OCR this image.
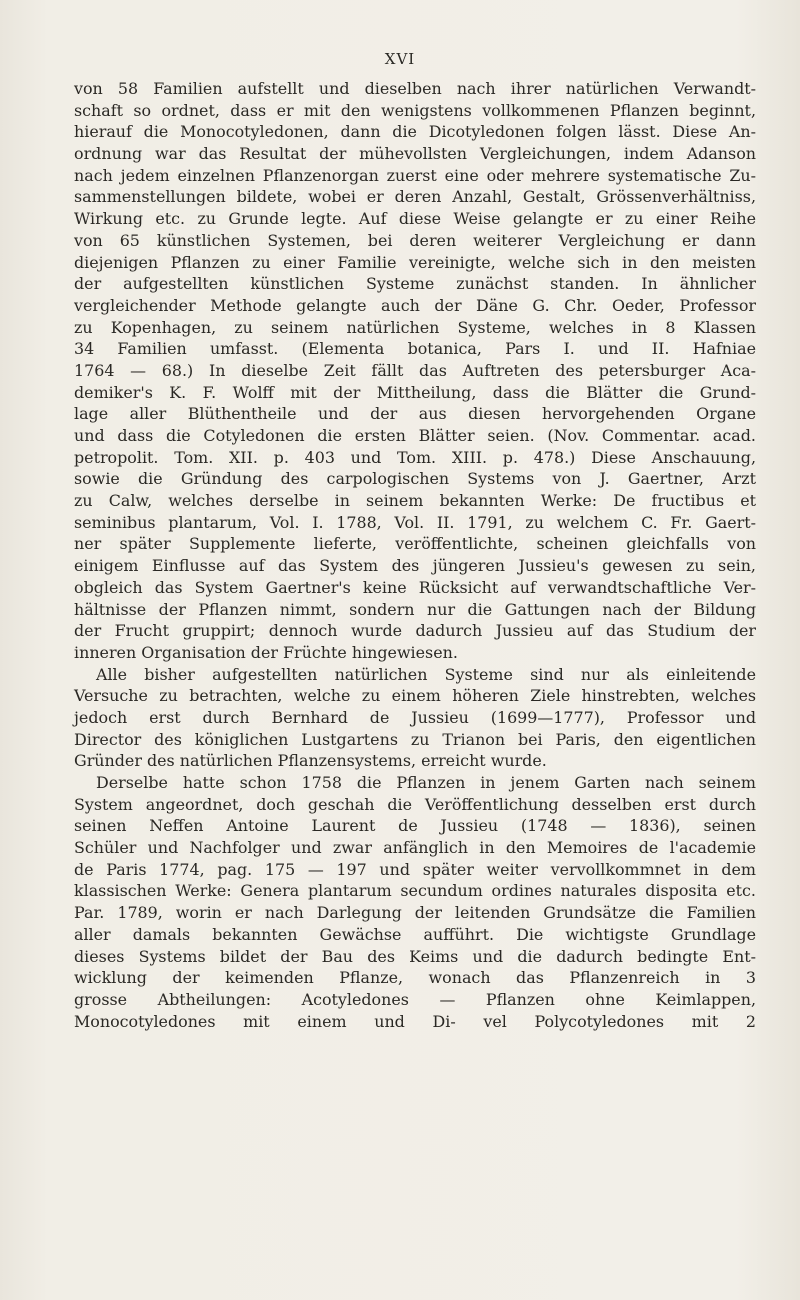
XVI
von 58 Familien aufstellt und dieselben nach ihrer natürlichen Verwandt-
schaft so ordnet, dass er mit den wenigstens vollkommenen Pflanzen beginnt,
hierauf die Monocotyledonen, dann die Dicotyledonen folgen lässt. Diese An-
ordnung war das Resultat der mühevollsten Vergleichungen, indem Adanson
nach jedem einzelnen Pflanzenorgan zuerst eine oder mehrere systematische Zu-
sammenstellungen bildete, wobei er deren Anzahl, Gestalt, Grössenverhältniss,
Wirkung etc. zu Grunde legte. Auf diese Weise gelangte er zu einer Reihe
von 65 künstlichen Systemen, bei deren weiterer Vergleichung er dann
diejenigen Pflanzen zu einer Familie vereinigte, welche sich in den meisten
der aufgestellten künstlichen Systeme zunächst standen. In ähnlicher
vergleichender Methode gelangte auch der Däne G. Chr. Oeder, Professor
zu Kopenhagen, zu seinem natürlichen Systeme, welches in 8 Klassen
34 Familien umfasst. (Elementa botanica, Pars I. und II. Hafniae
1764 — 68.) In dieselbe Zeit fällt das Auftreten des petersburger Aca-
demiker's K. F. Wolff mit der Mittheilung, dass die Blätter die Grund-
lage aller Blüthentheile und der aus diesen hervorgehenden Organe
und dass die Cotyledonen die ersten Blätter seien. (Nov. Commentar. acad.
petropolit. Tom. XII. p. 403 und Tom. XIII. p. 478.) Diese Anschauung,
sowie die Gründung des carpologischen Systems von J. Gaertner, Arzt
zu Calw, welches derselbe in seinem bekannten Werke: De fructibus et
seminibus plantarum, Vol. I. 1788, Vol. II. 1791, zu welchem C. Fr. Gaert-
ner später Supplemente lieferte, veröffentlichte, scheinen gleichfalls von
einigem Einflusse auf das System des jüngeren Jussieu's gewesen zu sein,
obgleich das System Gaertner's keine Rücksicht auf verwandtschaftliche Ver-
hältnisse der Pflanzen nimmt, sondern nur die Gattungen nach der Bildung
der Frucht gruppirt; dennoch wurde dadurch Jussieu auf das Studium der
inneren Organisation der Früchte hingewiesen.
Alle bisher aufgestellten natürlichen Systeme sind nur als einleitende
Versuche zu betrachten, welche zu einem höheren Ziele hinstrebten, welches
jedoch erst durch Bernhard de Jussieu (1699—1777), Professor und
Director des königlichen Lustgartens zu Trianon bei Paris, den eigentlichen
Gründer des natürlichen Pflanzensystems, erreicht wurde.
Derselbe hatte schon 1758 die Pflanzen in jenem Garten nach seinem
System angeordnet, doch geschah die Veröffentlichung desselben erst durch
seinen Neffen Antoine Laurent de Jussieu (1748 — 1836), seinen
Schüler und Nachfolger und zwar anfänglich in den Memoires de l'academie
de Paris 1774, pag. 175 — 197 und später weiter vervollkommnet in dem
klassischen Werke: Genera plantarum secundum ordines naturales disposita etc.
Par. 1789, worin er nach Darlegung der leitenden Grundsätze die Familien
aller damals bekannten Gewächse aufführt. Die wichtigste Grundlage
dieses Systems bildet der Bau des Keims und die dadurch bedingte Ent-
wicklung der keimenden Pflanze, wonach das Pflanzenreich in 3
grosse Abtheilungen: Acotyledones — Pflanzen ohne Keimlappen,
Monocotyledones mit einem und Di- vel Polycotyledones mit 2
